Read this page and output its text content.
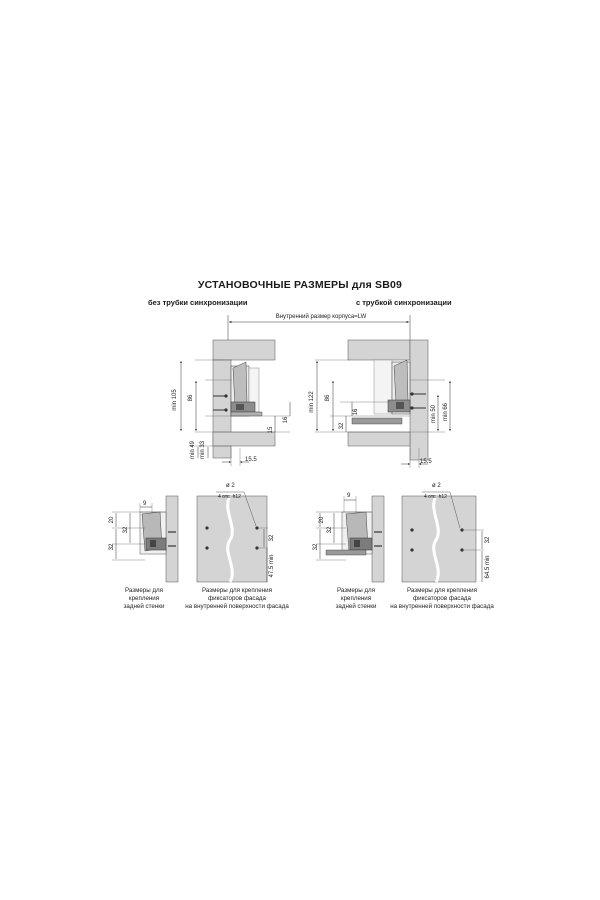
УСТАНОВОЧНЫЕ РАЗМЕРЫ для SB09
без трубки синхронизации	с трубкой синхронизации
Внутренний размер корпуса=LW
min 105 86
16
15
min 49 min 33
15.5
min 122 86
16
32
min 50 min 66
15.5
20
32
32
9
32
47.5 min
ø 2
4 отв. h12
20
32
32
9
32
64.5 min
ø 2
4 отв. h12
Размеры для
крепления
задней стенки
Размеры для крепления
фиксаторов фасада
на внутренней поверхности фасада
Размеры для
крепления
задней стенки
Размеры для крепления
фиксаторов фасада
на внутренней поверхности фасада
